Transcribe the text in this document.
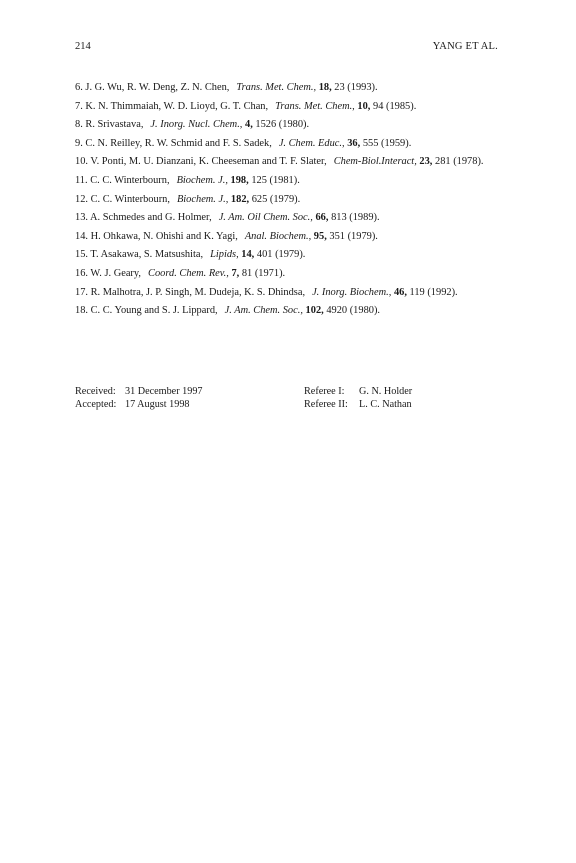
214	YANG ET AL.

6. J. G. Wu, R. W. Deng, Z. N. Chen, Trans. Met. Chem., 18, 23 (1993).

7. K. N. Thimmaiah, W. D. Lioyd, G. T. Chan, Trans. Met. Chem., 10, 94 (1985).

8. R. Srivastava, J. Inorg. Nucl. Chem., 4, 1526 (1980).

9. C. N. Reilley, R. W. Schmid and F. S. Sadek, J. Chem. Educ., 36, 555 (1959).

10. V. Ponti, M. U. Dianzani, K. Cheeseman and T. F. Slater, Chem-Biol.Interact, 23, 281 (1978).

11. C. C. Winterbourn, Biochem. J., 198, 125 (1981).

12. C. C. Winterbourn, Biochem. J., 182, 625 (1979).

13. A. Schmedes and G. Holmer, J. Am. Oil Chem. Soc., 66, 813 (1989).

14. H. Ohkawa, N. Ohishi and K. Yagi, Anal. Biochem., 95, 351 (1979).

15. T. Asakawa, S. Matsushita, Lipids, 14, 401 (1979).

16. W. J. Geary, Coord. Chem. Rev., 7, 81 (1971).

17. R. Malhotra, J. P. Singh, M. Dudeja, K. S. Dhindsa, J. Inorg. Biochem., 46, 119 (1992).

18. C. C. Young and S. J. Lippard, J. Am. Chem. Soc., 102, 4920 (1980).

Received: 31 December 1997
Accepted: 17 August 1998
Referee I: G. N. Holder
Referee II: L. C. Nathan
